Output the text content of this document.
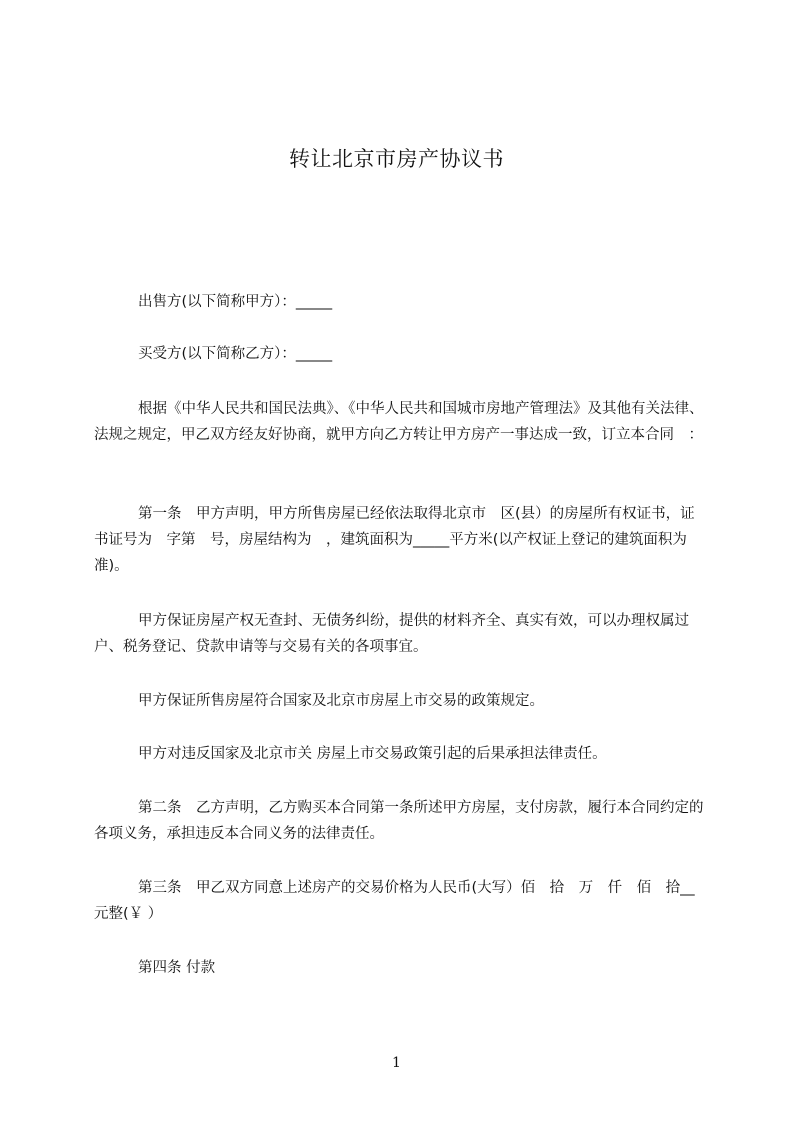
转让北京市房产协议书

出售方(以下简称甲方）：_____

买受方(以下简称乙方）：_____

根据《中华人民共和国民法典》、《中华人民共和国城市房地产管理法》及其他有关法律、法规之规定，甲乙双方经友好协商，就甲方向乙方转让甲方房产一事达成一致，订立本合同　：

第一条　甲方声明，甲方所售房屋已经依法取得北京市　区(县）的房屋所有权证书，证书证号为　字第　号，房屋结构为　，建筑面积为_____平方米(以产权证上登记的建筑面积为准)。

甲方保证房屋产权无查封、无债务纠纷，提供的材料齐全、真实有效，可以办理权属过户、税务登记、贷款申请等与交易有关的各项事宜。

甲方保证所售房屋符合国家及北京市房屋上市交易的政策规定。

甲方对违反国家及北京市关 房屋上市交易政策引起的后果承担法律责任。

第二条　乙方声明，乙方购买本合同第一条所述甲方房屋，支付房款，履行本合同约定的各项义务，承担违反本合同义务的法律责任。

第三条　甲乙双方同意上述房产的交易价格为人民币(大写）佰　拾　万　仟　佰　拾__元整(￥ ）

第四条 付款

1
